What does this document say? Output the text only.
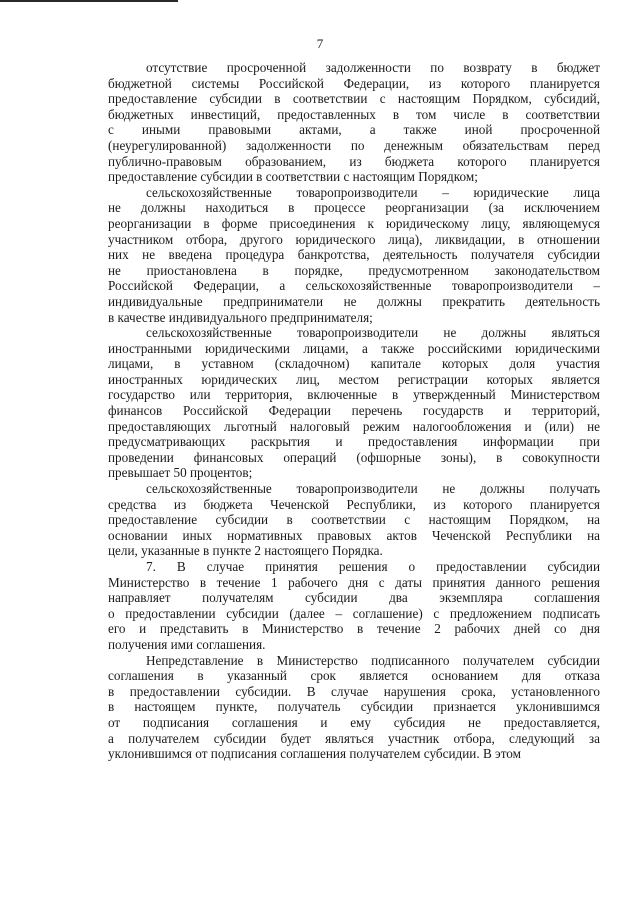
7
отсутствие просроченной задолженности по возврату в бюджет
бюджетной системы Российской Федерации, из которого планируется
предоставление субсидии в соответствии с настоящим Порядком, субсидий,
бюджетных инвестиций, предоставленных в том числе в соответствии
с иными правовыми актами, а также иной просроченной
(неурегулированной) задолженности по денежным обязательствам перед
публично-правовым образованием, из бюджета которого планируется
предоставление субсидии в соответствии с настоящим Порядком;
сельскохозяйственные товаропроизводители – юридические лица
не должны находиться в процессе реорганизации (за исключением
реорганизации в форме присоединения к юридическому лицу, являющемуся
участником отбора, другого юридического лица), ликвидации, в отношении
них не введена процедура банкротства, деятельность получателя субсидии
не приостановлена в порядке, предусмотренном законодательством
Российской Федерации, а сельскохозяйственные товаропроизводители –
индивидуальные предприниматели не должны прекратить деятельность
в качестве индивидуального предпринимателя;
сельскохозяйственные товаропроизводители не должны являться
иностранными юридическими лицами, а также российскими юридическими
лицами, в уставном (складочном) капитале которых доля участия
иностранных юридических лиц, местом регистрации которых является
государство или территория, включенные в утвержденный Министерством
финансов Российской Федерации перечень государств и территорий,
предоставляющих льготный налоговый режим налогообложения и (или) не
предусматривающих раскрытия и предоставления информации при
проведении финансовых операций (офшорные зоны), в совокупности
превышает 50 процентов;
сельскохозяйственные товаропроизводители не должны получать
средства из бюджета Чеченской Республики, из которого планируется
предоставление субсидии в соответствии с настоящим Порядком, на
основании иных нормативных правовых актов Чеченской Республики на
цели, указанные в пункте 2 настоящего Порядка.
7. В случае принятия решения о предоставлении субсидии
Министерство в течение 1 рабочего дня с даты принятия данного решения
направляет получателям субсидии два экземпляра соглашения
о предоставлении субсидии (далее – соглашение) с предложением подписать
его и представить в Министерство в течение 2 рабочих дней со дня
получения ими соглашения.
Непредставление в Министерство подписанного получателем субсидии
соглашения в указанный срок является основанием для отказа
в предоставлении субсидии. В случае нарушения срока, установленного
в настоящем пункте, получатель субсидии признается уклонившимся
от подписания соглашения и ему субсидия не предоставляется,
а получателем субсидии будет являться участник отбора, следующий за
уклонившимся от подписания соглашения получателем субсидии. В этом
